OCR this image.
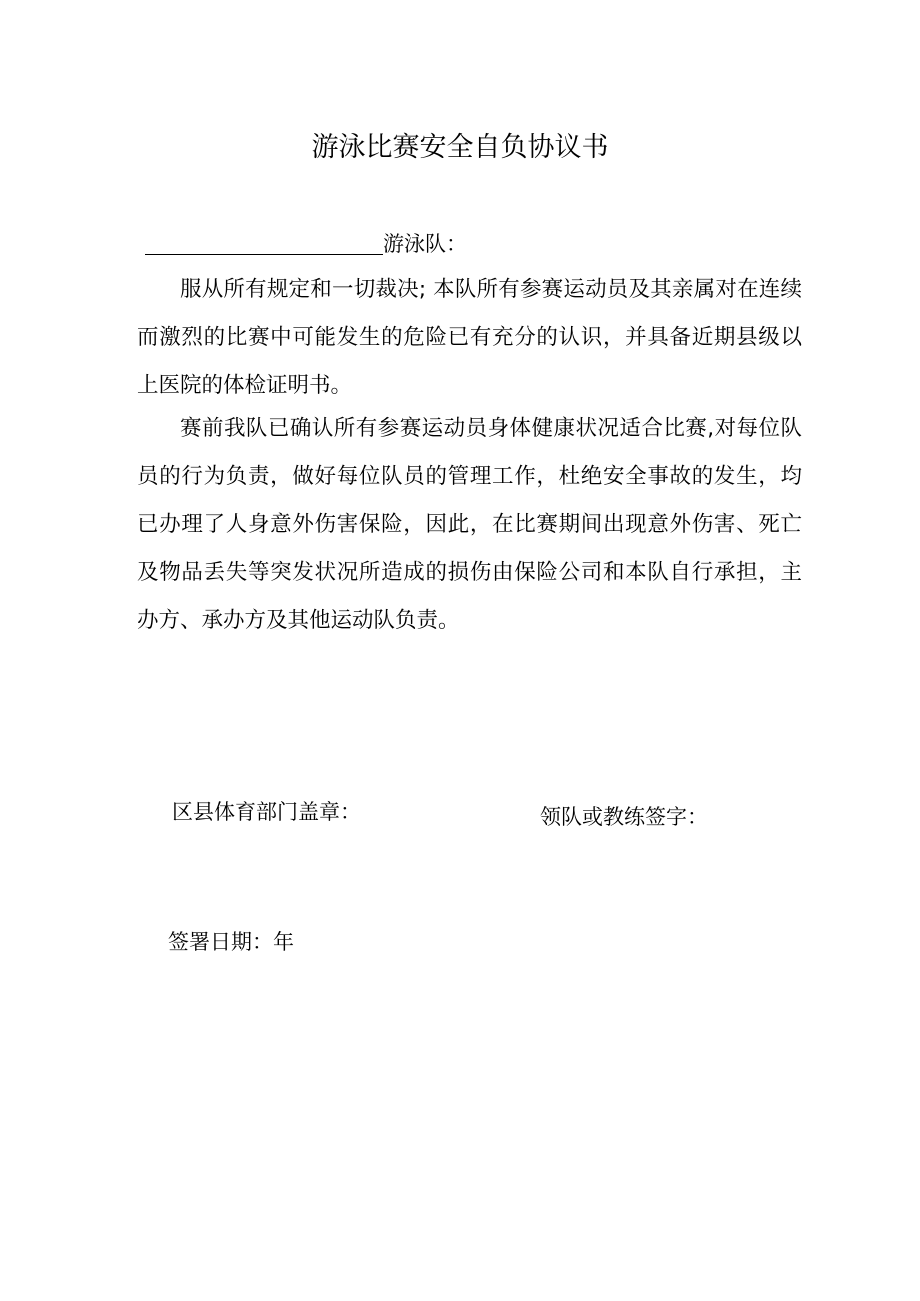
游泳比赛安全自负协议书
游泳队：

服从所有规定和一切裁决; 本队所有参赛运动员及其亲属对在连续而激烈的比赛中可能发生的危险已有充分的认识，并具备近期县级以上医院的体检证明书。

赛前我队已确认所有参赛运动员身体健康状况适合比赛,对每位队员的行为负责，做好每位队员的管理工作，杜绝安全事故的发生，均已办理了人身意外伤害保险，因此，在比赛期间出现意外伤害、死亡及物品丢失等突发状况所造成的损伤由保险公司和本队自行承担，主办方、承办方及其他运动队负责。

区县体育部门盖章：	领队或教练签字：
签署日期：年
